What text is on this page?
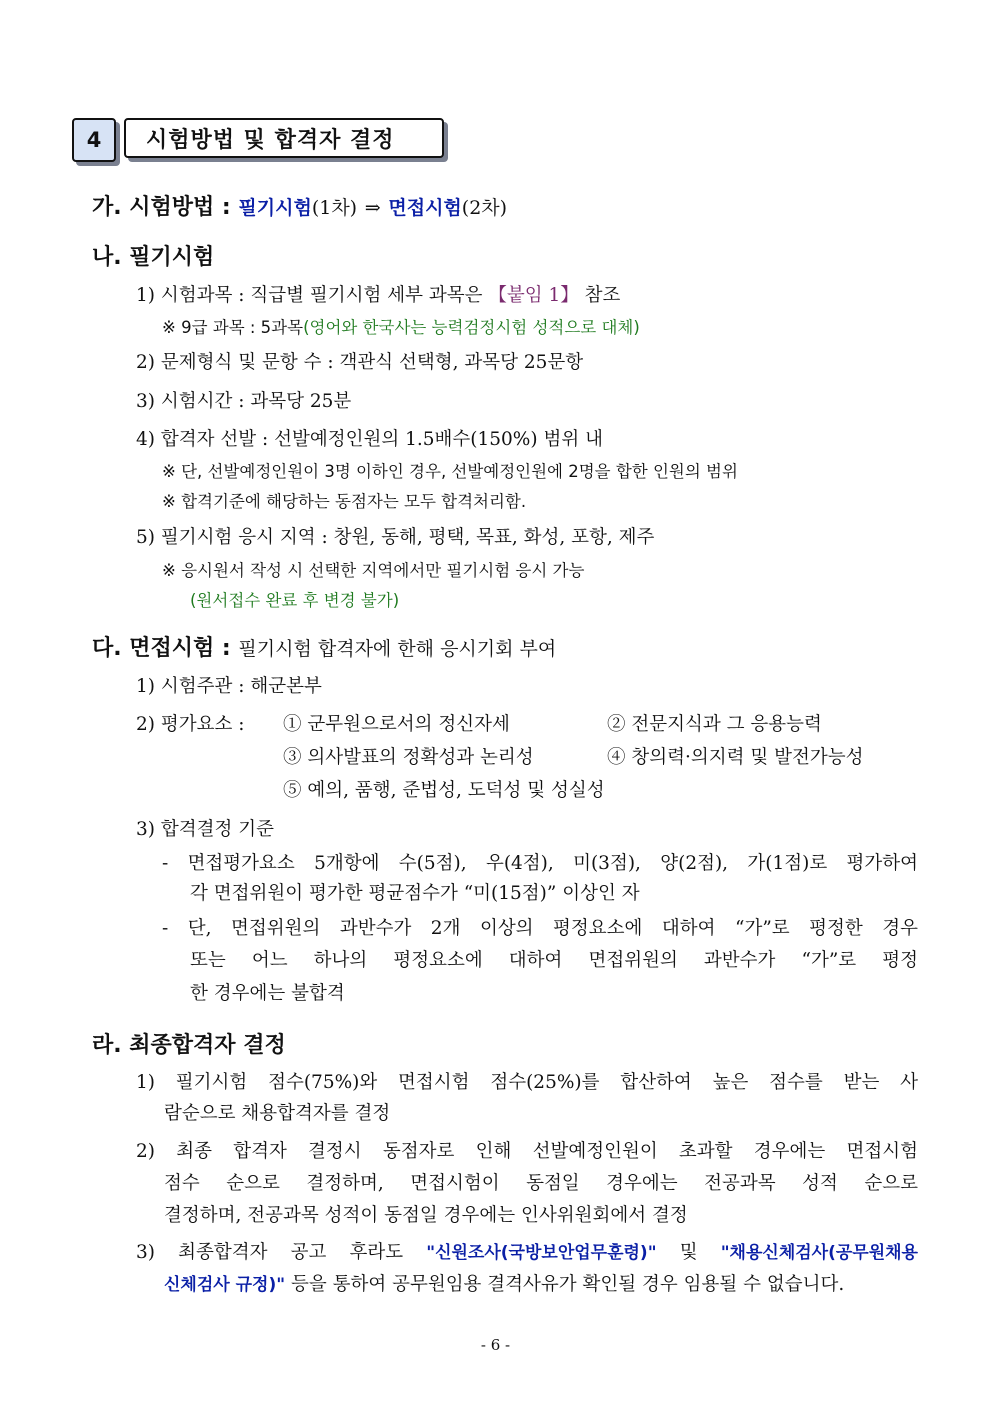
4 시험방법 및 합격자 결정
가. 시험방법 : 필기시험(1차) ⇒ 면접시험(2차)
나. 필기시험
1) 시험과목 : 직급별 필기시험 세부 과목은 【붙임 1】 참조
※ 9급 과목 : 5과목(영어와 한국사는 능력검정시험 성적으로 대체)
2) 문제형식 및 문항 수 : 객관식 선택형, 과목당 25문항
3) 시험시간 : 과목당 25분
4) 합격자 선발 : 선발예정인원의 1.5배수(150%) 범위 내
※ 단, 선발예정인원이 3명 이하인 경우, 선발예정인원에 2명을 합한 인원의 범위
※ 합격기준에 해당하는 동점자는 모두 합격처리함.
5) 필기시험 응시 지역 : 창원, 동해, 평택, 목표, 화성, 포항, 제주
※ 응시원서 작성 시 선택한 지역에서만 필기시험 응시 가능
(원서접수 완료 후 변경 불가)
다. 면접시험 : 필기시험 합격자에 한해 응시기회 부여
1) 시험주관 : 해군본부
2) 평가요소 : ① 군무원으로서의 정신자세	② 전문지식과 그 응용능력
③ 의사발표의 정확성과 논리성	④ 창의력·의지력 및 발전가능성
⑤ 예의, 품행, 준법성, 도덕성 및 성실성
3) 합격결정 기준
- 면접평가요소 5개항에 수(5점), 우(4점), 미(3점), 양(2점), 가(1점)로 평가하여
각 면접위원이 평가한 평균점수가 “미(15점)” 이상인 자
- 단, 면접위원의 과반수가 2개 이상의 평정요소에 대하여 “가”로 평정한 경우
또는 어느 하나의 평정요소에 대하여 면접위원의 과반수가 “가”로 평정
한 경우에는 불합격
라. 최종합격자 결정
1) 필기시험 점수(75%)와 면접시험 점수(25%)를 합산하여 높은 점수를 받는 사
람순으로 채용합격자를 결정
2) 최종 합격자 결정시 동점자로 인해 선발예정인원이 초과할 경우에는 면접시험
점수 순으로 결정하며, 면접시험이 동점일 경우에는 전공과목 성적 순으로
결정하며, 전공과목 성적이 동점일 경우에는 인사위원회에서 결정
3) 최종합격자 공고 후라도 "신원조사(국방보안업무훈령)" 및 "채용신체검사(공무원채용
신체검사 규정)" 등을 통하여 공무원임용 결격사유가 확인될 경우 임용될 수 없습니다.
- 6 -
